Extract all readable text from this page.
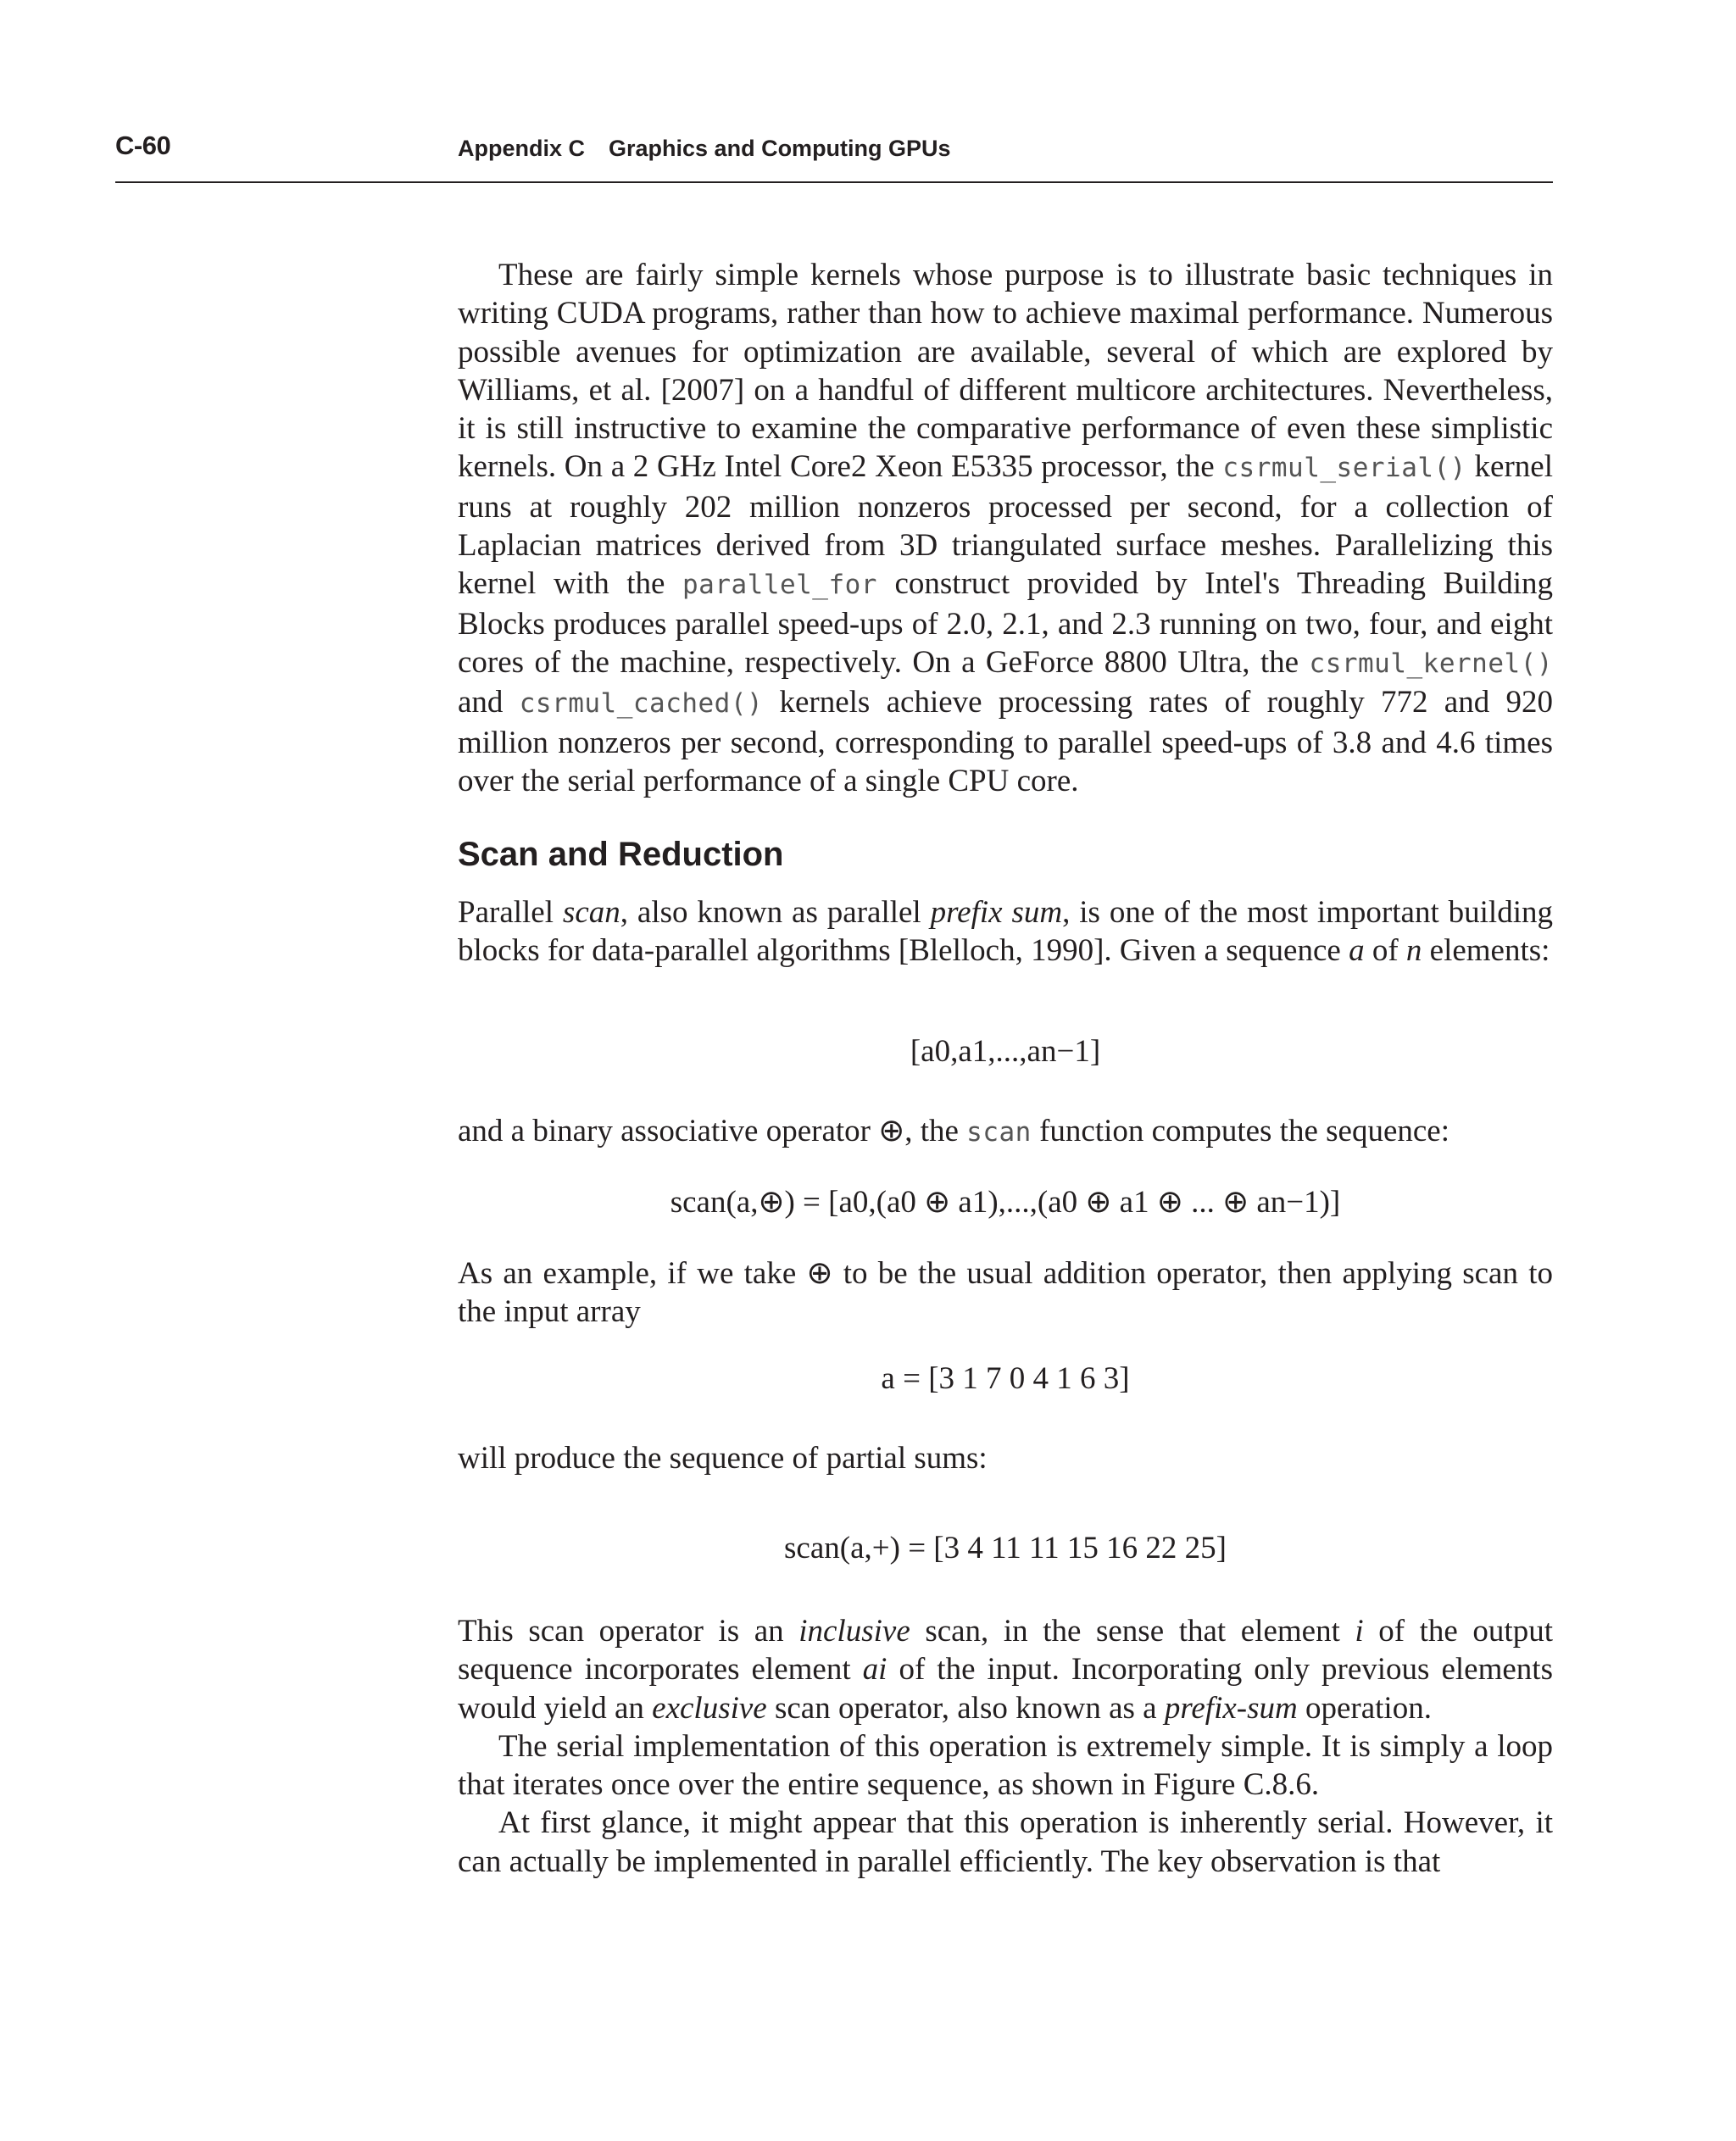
C-60	Appendix C Graphics and Computing GPUs

These are fairly simple kernels whose purpose is to illustrate basic techniques in writing CUDA programs, rather than how to achieve maximal performance. Numerous possible avenues for optimization are available, several of which are explored by Williams, et al. [2007] on a handful of different multicore architectures. Nevertheless, it is still instructive to examine the comparative performance of even these simplistic kernels. On a 2 GHz Intel Core2 Xeon E5335 processor, the csrmul_serial() kernel runs at roughly 202 million nonzeros processed per second, for a collection of Laplacian matrices derived from 3D triangulated surface meshes. Parallelizing this kernel with the parallel_for construct provided by Intel's Threading Building Blocks produces parallel speed-ups of 2.0, 2.1, and 2.3 running on two, four, and eight cores of the machine, respectively. On a GeForce 8800 Ultra, the csrmul_kernel() and csrmul_cached() kernels achieve processing rates of roughly 772 and 920 million nonzeros per second, corresponding to parallel speed-ups of 3.8 and 4.6 times over the serial performance of a single CPU core.

Scan and Reduction

Parallel scan, also known as parallel prefix sum, is one of the most important building blocks for data-parallel algorithms [Blelloch, 1990]. Given a sequence a of n elements:

[a0,a1,...,an−1]

and a binary associative operator ⊕, the scan function computes the sequence:

scan(a,⊕) = [a0,(a0 ⊕ a1),...,(a0 ⊕ a1 ⊕ ... ⊕ an−1)]

As an example, if we take ⊕ to be the usual addition operator, then applying scan to the input array

a = [3 1 7 0 4 1 6 3]

will produce the sequence of partial sums:

scan(a,+) = [3 4 11 11 15 16 22 25]

This scan operator is an inclusive scan, in the sense that element i of the output sequence incorporates element ai of the input. Incorporating only previous elements would yield an exclusive scan operator, also known as a prefix-sum operation.

The serial implementation of this operation is extremely simple. It is simply a loop that iterates once over the entire sequence, as shown in Figure C.8.6.

At first glance, it might appear that this operation is inherently serial. However, it can actually be implemented in parallel efficiently. The key observation is that
